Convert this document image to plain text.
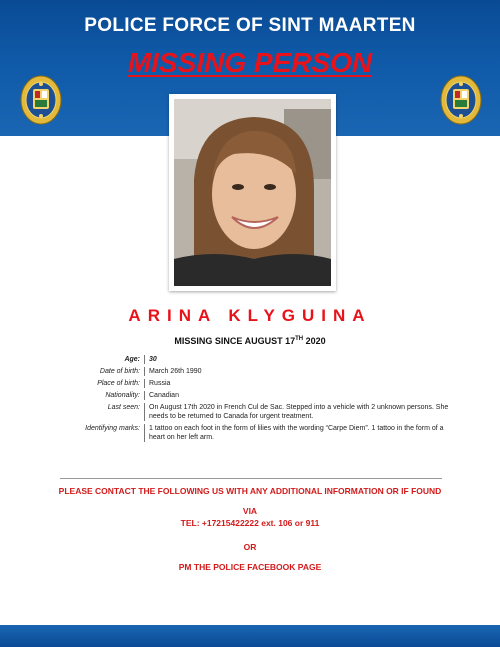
POLICE FORCE OF SINT MAARTEN
MISSING PERSON
ARINA KLYGUINA
MISSING SINCE AUGUST 17TH 2020
Age:	30
Date of birth:	March 26th 1990
Place of birth:	Russia
Nationality:	Canadian
Last seen:	On August 17th 2020 in French Cul de Sac. Stepped into a vehicle with 2 unknown persons. She needs to be returned to Canada for urgent treatment.
Identifying marks:	1 tattoo on each foot in the form of lilies with the wording “Carpe Diem”. 1 tattoo in the form of a heart on her left arm.
PLEASE CONTACT THE FOLLOWING US WITH ANY ADDITIONAL INFORMATION OR IF FOUND
VIA
TEL: +17215422222 ext. 106 or 911
OR
PM THE POLICE FACEBOOK PAGE
